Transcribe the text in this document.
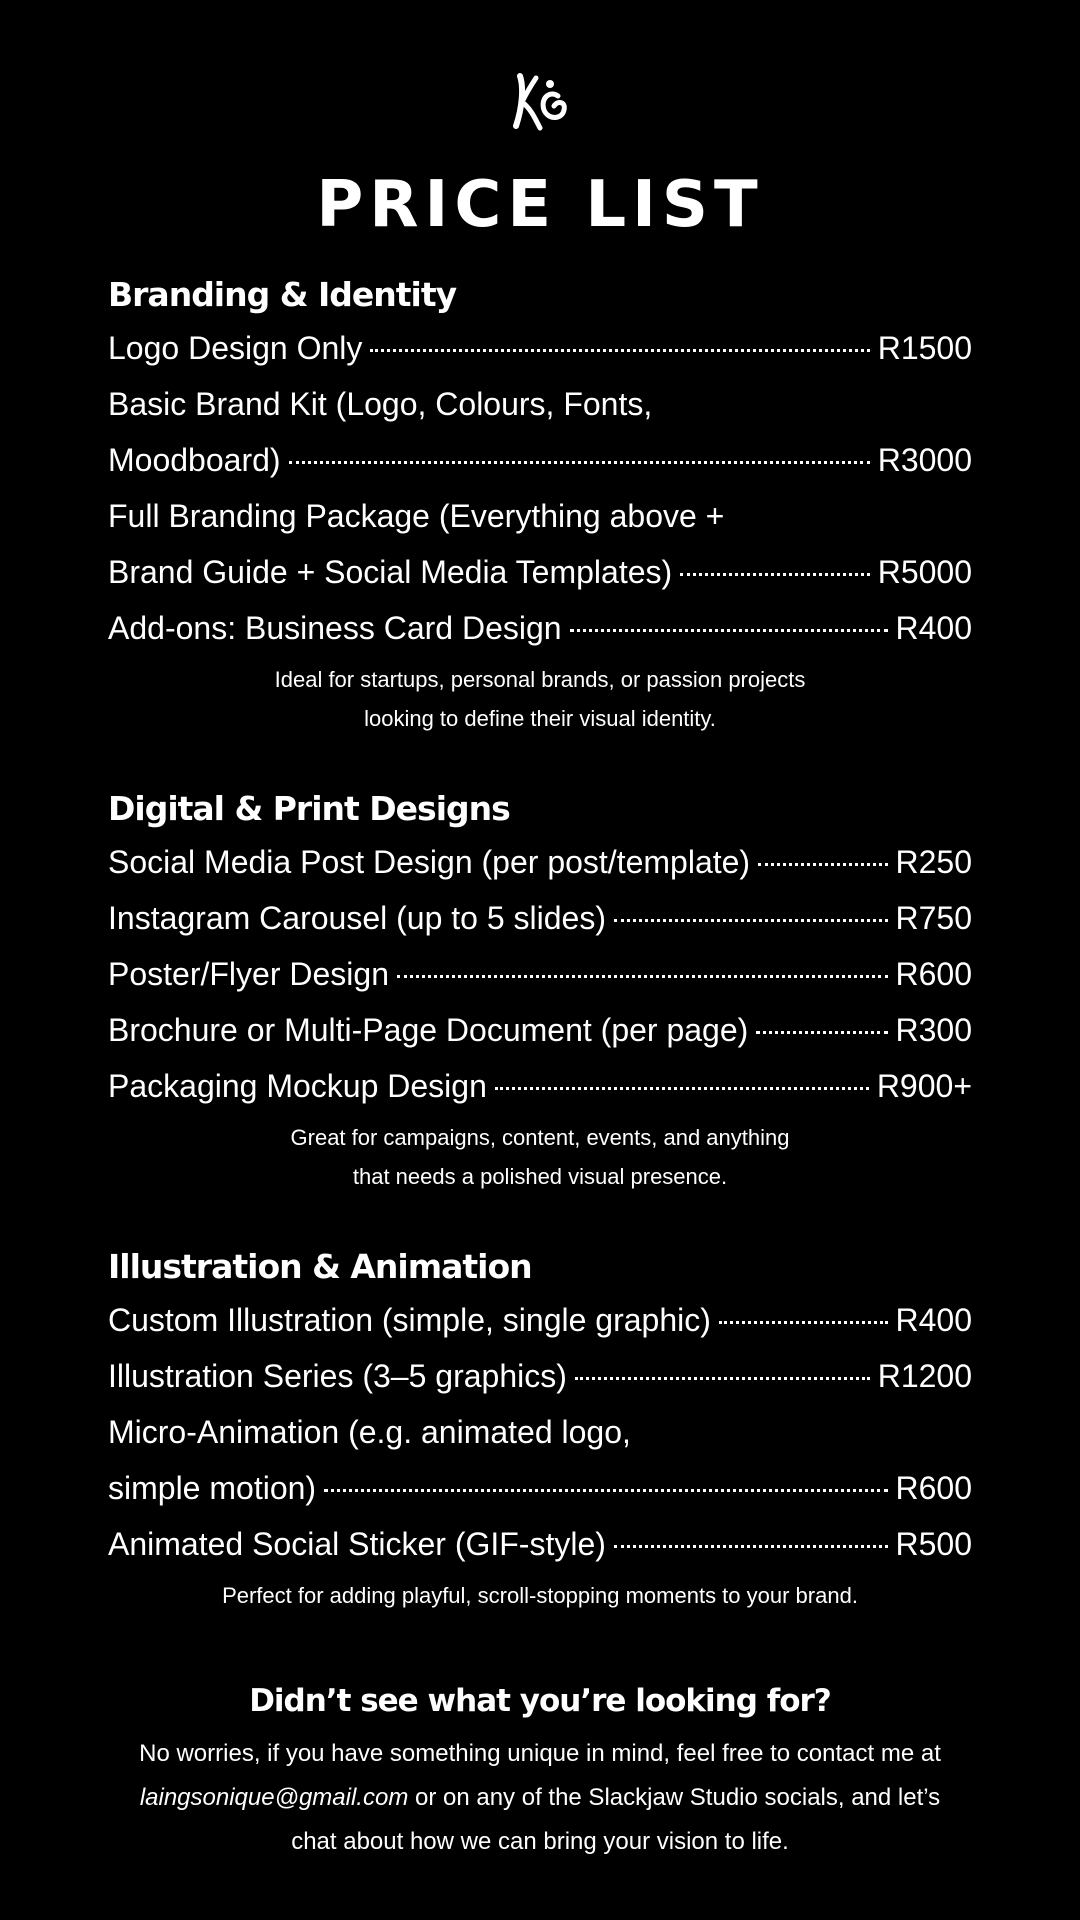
PRICE LIST
Branding & Identity
Logo Design Only	R1500
Basic Brand Kit (Logo, Colours, Fonts,
Moodboard)	R3000
Full Branding Package (Everything above +
Brand Guide + Social Media Templates)	R5000
Add-ons: Business Card Design	R400
Ideal for startups, personal brands, or passion projects
looking to define their visual identity.
Digital & Print Designs
Social Media Post Design (per post/template)	R250
Instagram Carousel (up to 5 slides)	R750
Poster/Flyer Design	R600
Brochure or Multi-Page Document (per page)	R300
Packaging Mockup Design	R900+
Great for campaigns, content, events, and anything
that needs a polished visual presence.
Illustration & Animation
Custom Illustration (simple, single graphic)	R400
Illustration Series (3–5 graphics)	R1200
Micro-Animation (e.g. animated logo,
simple motion)	R600
Animated Social Sticker (GIF-style)	R500
Perfect for adding playful, scroll-stopping moments to your brand.
Didn’t see what you’re looking for?

No worries, if you have something unique in mind, feel free to contact me at
laingsonique@gmail.com or on any of the Slackjaw Studio socials, and let’s
chat about how we can bring your vision to life.
